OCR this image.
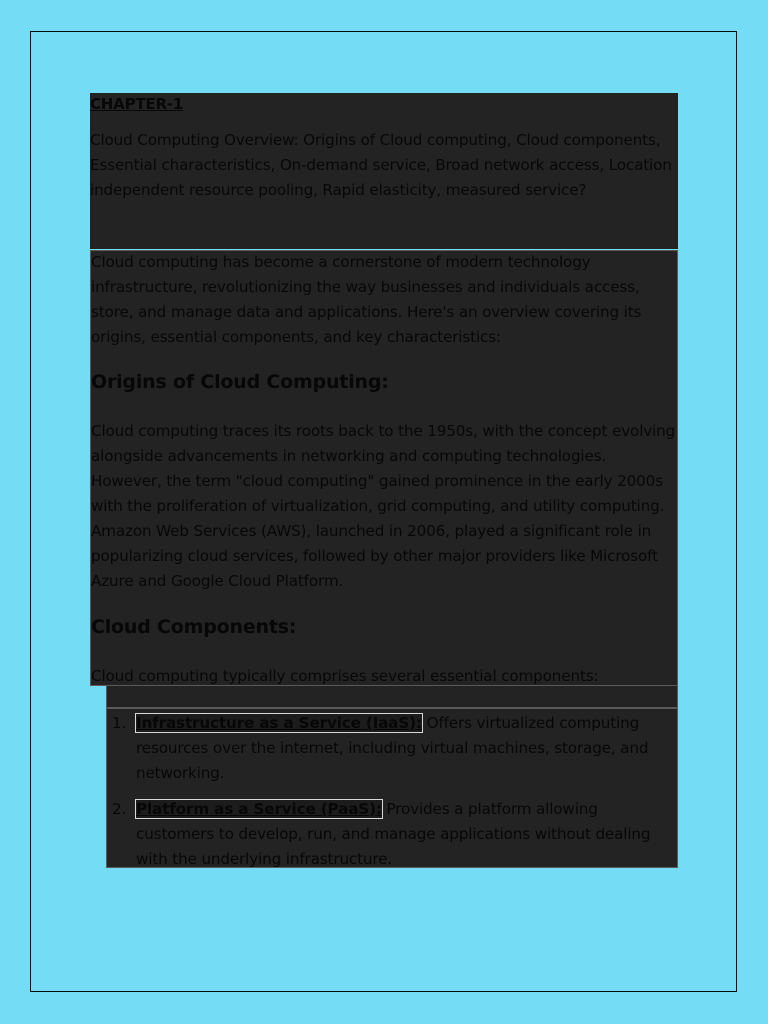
CHAPTER-1

Cloud Computing Overview: Origins of Cloud computing, Cloud components, Essential characteristics, On-demand service, Broad network access, Location independent resource pooling, Rapid elasticity, measured service?

Cloud computing has become a cornerstone of modern technology infrastructure, revolutionizing the way businesses and individuals access, store, and manage data and applications. Here's an overview covering its origins, essential components, and key characteristics:

Origins of Cloud Computing:

Cloud computing traces its roots back to the 1950s, with the concept evolving alongside advancements in networking and computing technologies. However, the term "cloud computing" gained prominence in the early 2000s with the proliferation of virtualization, grid computing, and utility computing. Amazon Web Services (AWS), launched in 2006, played a significant role in popularizing cloud services, followed by other major providers like Microsoft Azure and Google Cloud Platform.

Cloud Components:

Cloud computing typically comprises several essential components:

1. Infrastructure as a Service (IaaS): Offers virtualized computing resources over the internet, including virtual machines, storage, and networking.
2. Platform as a Service (PaaS): Provides a platform allowing customers to develop, run, and manage applications without dealing with the underlying infrastructure.
